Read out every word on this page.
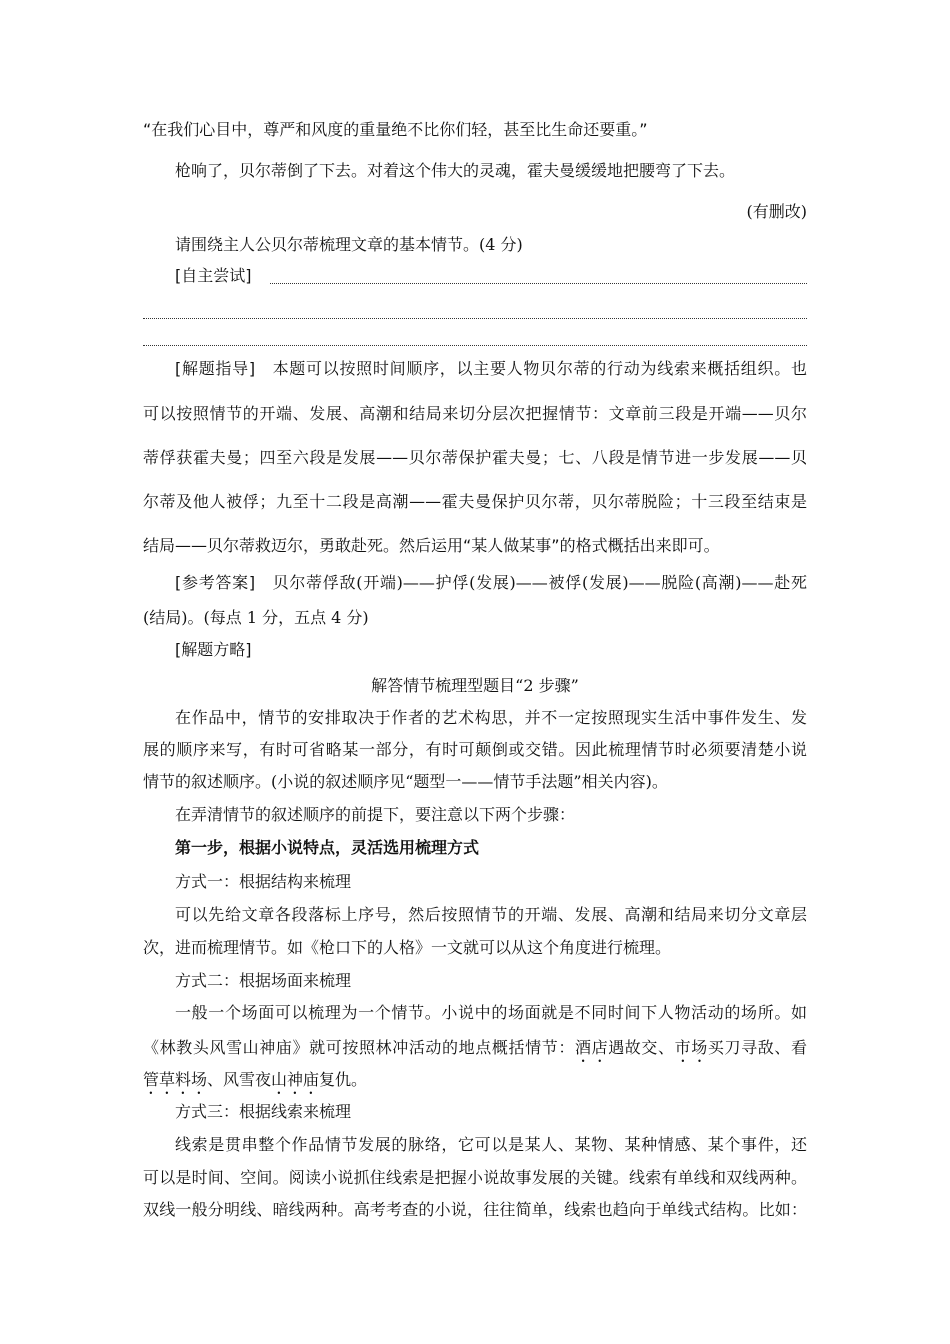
“在我们心目中，尊严和风度的重量绝不比你们轻，甚至比生命还要重。”

枪响了，贝尔蒂倒了下去。对着这个伟大的灵魂，霍夫曼缓缓地把腰弯了下去。

(有删改)

请围绕主人公贝尔蒂梳理文章的基本情节。(4 分)

[自主尝试]

[解题指导]　 本题可以按照时间顺序，以主要人物贝尔蒂的行动为线索来概括组织。也

可以按照情节的开端、发展、高潮和结局来切分层次把握情节：文章前三段是开端——贝尔

蒂俘获霍夫曼；四至六段是发展——贝尔蒂保护霍夫曼；七、八段是情节进一步发展——贝

尔蒂及他人被俘；九至十二段是高潮——霍夫曼保护贝尔蒂，贝尔蒂脱险；十三段至结束是

结局——贝尔蒂救迈尔，勇敢赴死。然后运用“某人做某事”的格式概括出来即可。

[参考答案]　 贝尔蒂俘敌(开端)——护俘(发展)——被俘(发展)——脱险(高潮)——赴死

(结局)。(每点 1 分，五点 4 分)

[解题方略]

解答情节梳理型题目“2 步骤”

在作品中，情节的安排取决于作者的艺术构思，并不一定按照现实生活中事件发生、发

展的顺序来写，有时可省略某一部分，有时可颠倒或交错。因此梳理情节时必须要清楚小说

情节的叙述顺序。(小说的叙述顺序见“题型一——情节手法题”相关内容)。

在弄清情节的叙述顺序的前提下，要注意以下两个步骤：

第一步，根据小说特点，灵活选用梳理方式

方式一：根据结构来梳理

可以先给文章各段落标上序号，然后按照情节的开端、发展、高潮和结局来切分文章层

次，进而梳理情节。如《枪口下的人格》一文就可以从这个角度进行梳理。

方式二：根据场面来梳理

一般一个场面可以梳理为一个情节。小说中的场面就是不同时间下人物活动的场所。如

《林教头风雪山神庙》就可按照林冲活动的地点概括情节：酒店遇故交、市场买刀寻敌、看

管草料场、风雪夜山神庙复仇。

方式三：根据线索来梳理

线索是贯串整个作品情节发展的脉络，它可以是某人、某物、某种情感、某个事件，还

可以是时间、空间。阅读小说抓住线索是把握小说故事发展的关键。线索有单线和双线两种。

双线一般分明线、暗线两种。高考考查的小说，往往简单，线索也趋向于单线式结构。比如：
